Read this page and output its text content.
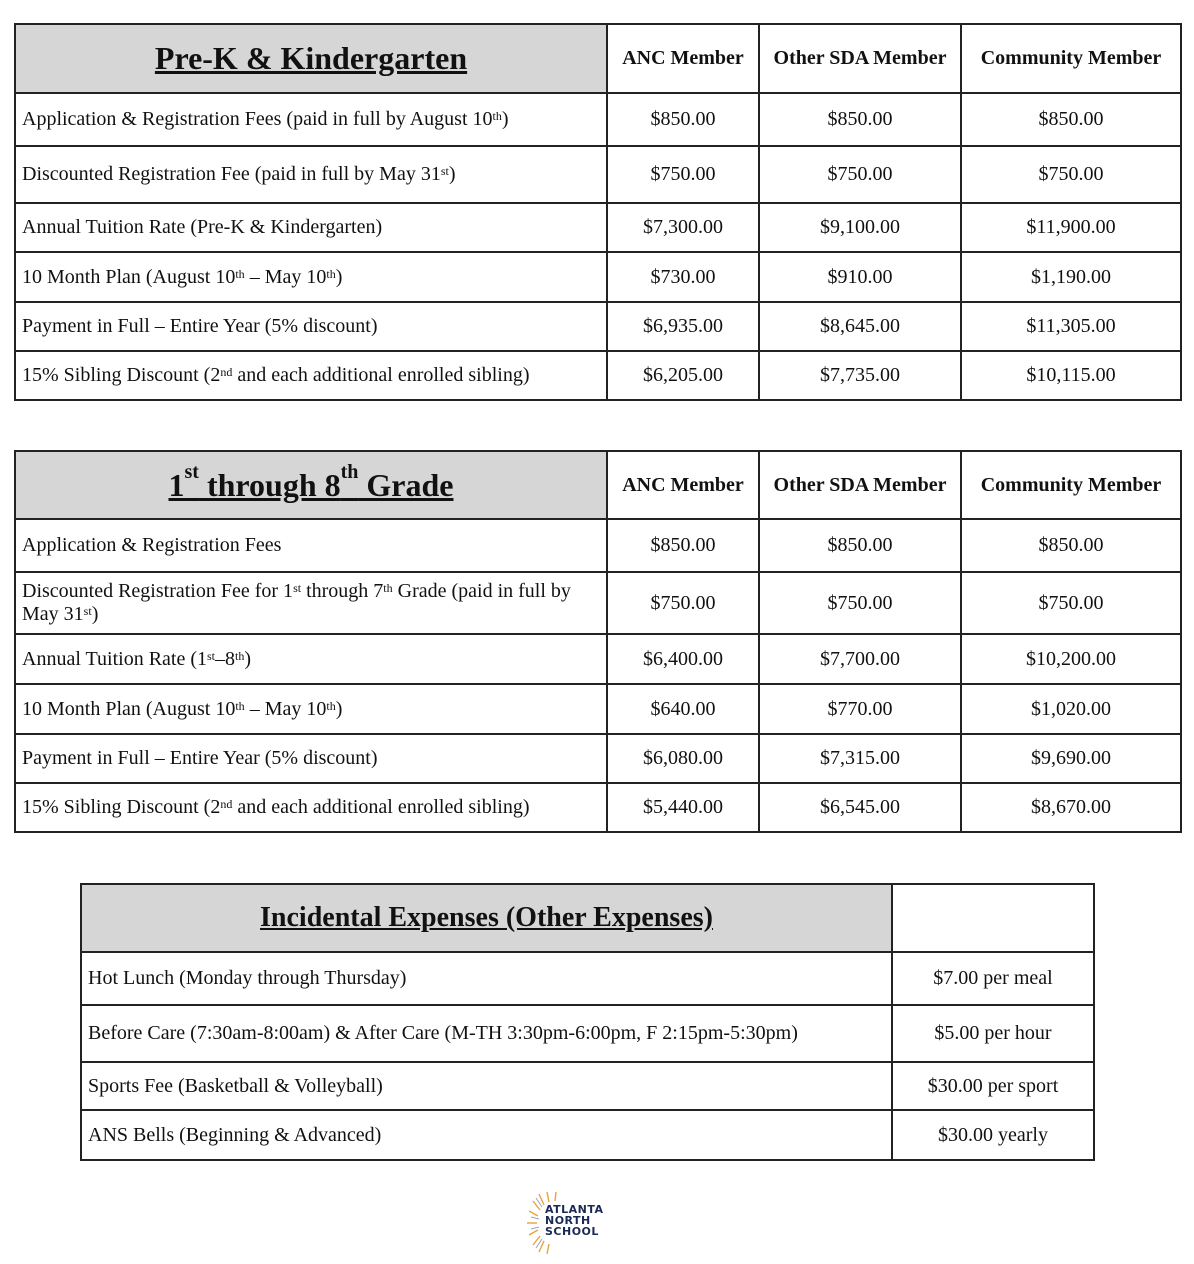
Pre-K & Kindergarten	ANC Member	Other SDA Member	Community Member
Application & Registration Fees (paid in full by August 10th)	$850.00	$850.00	$850.00
Discounted Registration Fee (paid in full by May 31st)	$750.00	$750.00	$750.00
Annual Tuition Rate (Pre-K & Kindergarten)	$7,300.00	$9,100.00	$11,900.00
10 Month Plan (August 10th – May 10th)	$730.00	$910.00	$1,190.00
Payment in Full – Entire Year (5% discount)	$6,935.00	$8,645.00	$11,305.00
15% Sibling Discount (2nd and each additional enrolled sibling)	$6,205.00	$7,735.00	$10,115.00
1st through 8th Grade	ANC Member	Other SDA Member	Community Member
Application & Registration Fees	$850.00	$850.00	$850.00
Discounted Registration Fee for 1st through 7th Grade (paid in full by May 31st)	$750.00	$750.00	$750.00
Annual Tuition Rate (1st–8th)	$6,400.00	$7,700.00	$10,200.00
10 Month Plan (August 10th – May 10th)	$640.00	$770.00	$1,020.00
Payment in Full – Entire Year (5% discount)	$6,080.00	$7,315.00	$9,690.00
15% Sibling Discount (2nd and each additional enrolled sibling)	$5,440.00	$6,545.00	$8,670.00
Incidental Expenses (Other Expenses)	
Hot Lunch (Monday through Thursday)	$7.00 per meal
Before Care (7:30am-8:00am) & After Care (M-TH 3:30pm-6:00pm, F 2:15pm-5:30pm)	$5.00 per hour
Sports Fee (Basketball & Volleyball)	$30.00 per sport
ANS Bells (Beginning & Advanced)	$30.00 yearly
ATLANTA
NORTH
SCHOOL
